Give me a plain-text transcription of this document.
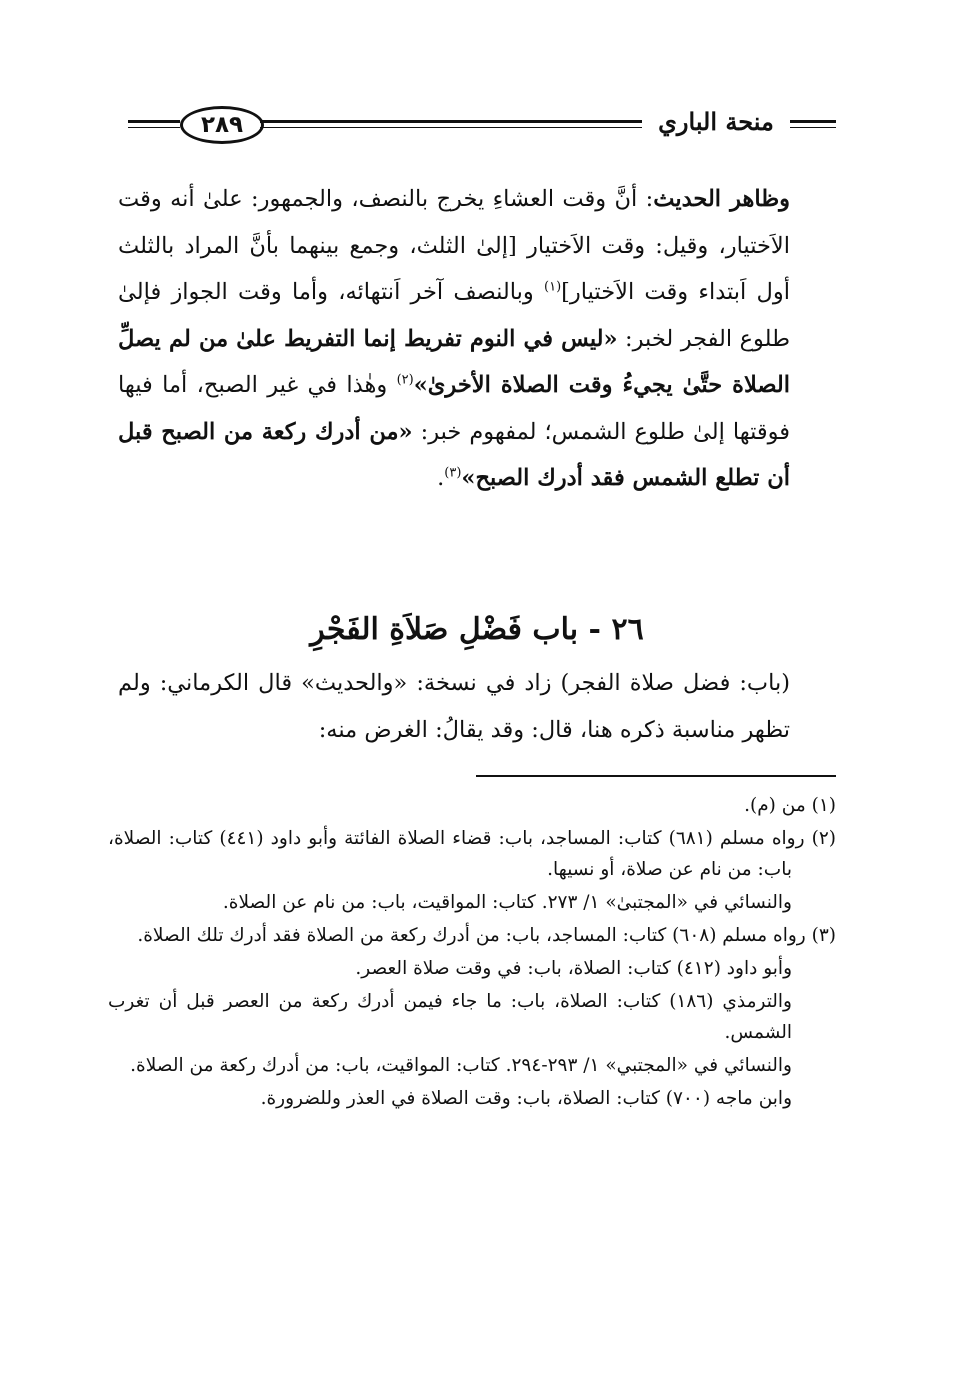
٢٨٩	منحة الباري

وظاهر الحديث: أنَّ وقت العشاءِ يخرج بالنصف، والجمهور: علىٰ أنه وقت الاَختيار، وقيل: وقت الاَختيار [إلىٰ الثلث، وجمع بينهما بأنَّ المراد بالثلث أول اَبتداء وقت الاَختيار]$^{(١)}$ وبالنصف آخر اَنتهائه، وأما وقت الجواز فإلىٰ طلوع الفجر لخبر: «ليس في النوم تفريط إنما التفريط علىٰ من لم يصلِّ الصلاة حتَّىٰ يجيءُ وقت الصلاة الأخرىٰ»$^{(٢)}$ وهٰذا في غير الصبح، أما فيها فوقتها إلىٰ طلوع الشمس؛ لمفهوم خبر: «من أدرك ركعة من الصبح قبل أن تطلع الشمس فقد أدرك الصبح»$^{(٣)}$.

٢٦ - باب فَضْلِ صَلاَةِ الفَجْرِ

(باب: فضل صلاة الفجر) زاد في نسخة: «والحديث» قال الكرماني: ولم تظهر مناسبة ذكره هنا، قال: وقد يقالُ: الغرض منه:

(١) من (م).

(٢) رواه مسلم (٦٨١) كتاب: المساجد، باب: قضاء الصلاة الفائتة وأبو داود (٤٤١) كتاب: الصلاة، باب: من نام عن صلاة، أو نسيها.

والنسائي في «المجتبىٰ» ١/ ٢٧٣. كتاب: المواقيت، باب: من نام عن الصلاة.

(٣) رواه مسلم (٦٠٨) كتاب: المساجد، باب: من أدرك ركعة من الصلاة فقد أدرك تلك الصلاة.

وأبو داود (٤١٢) كتاب: الصلاة، باب: في وقت صلاة العصر.

والترمذي (١٨٦) كتاب: الصلاة، باب: ما جاء فيمن أدرك ركعة من العصر قبل أن تغرب الشمس.

والنسائي في «المجتبي» ١/ ٢٩٣-٢٩٤. كتاب: المواقيت، باب: من أدرك ركعة من الصلاة.

وابن ماجه (٧٠٠) كتاب: الصلاة، باب: وقت الصلاة في العذر وللضرورة.
